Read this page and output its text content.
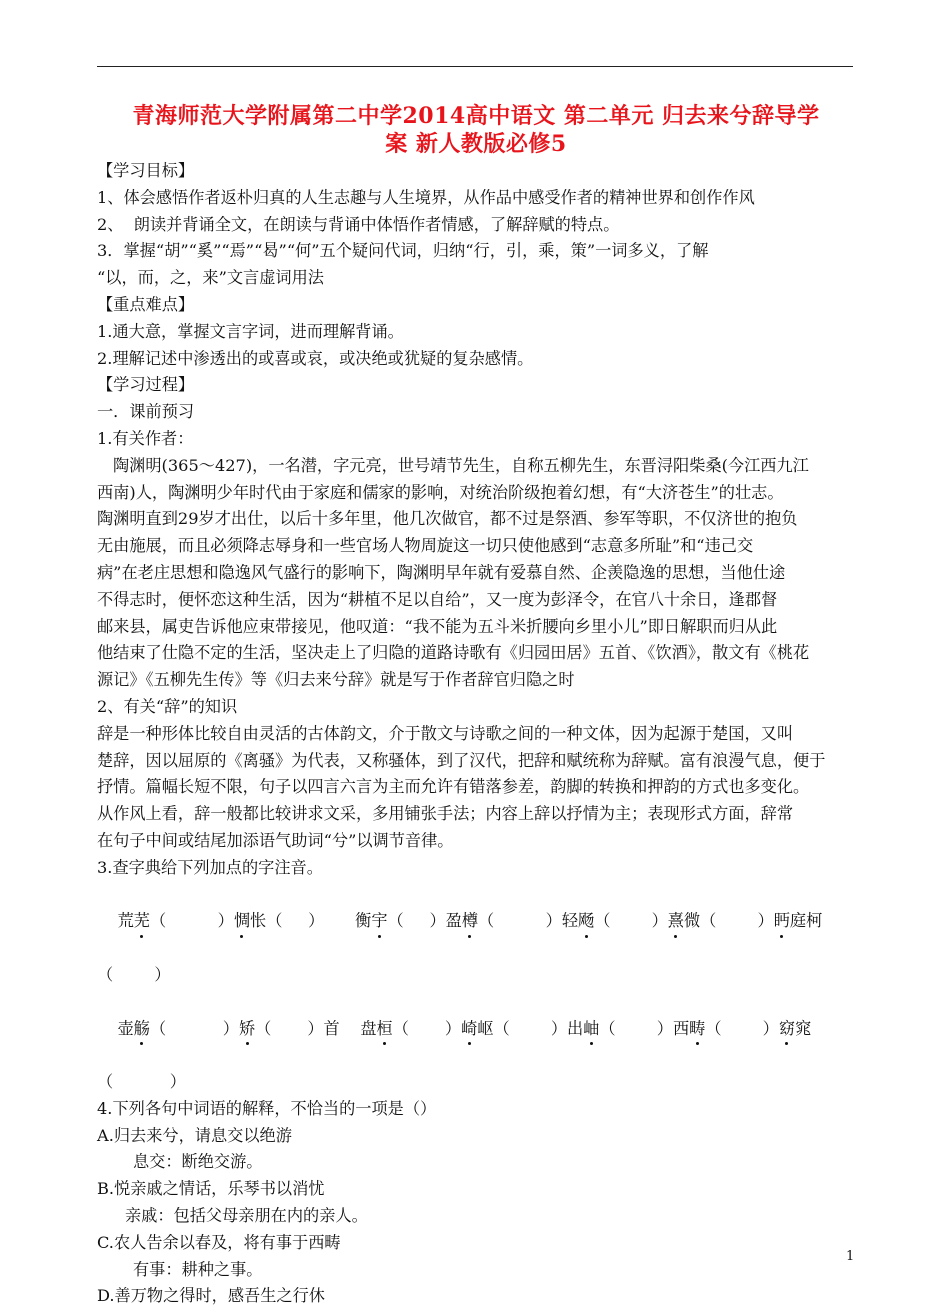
青海师范大学附属第二中学2014高中语文 第二单元 归去来兮辞导学

案 新人教版必修5

【学习目标】

1、体会感悟作者返朴归真的人生志趣与人生境界，从作品中感受作者的精神世界和创作作风

2、  朗读并背诵全文，在朗读与背诵中体悟作者情感，了解辞赋的特点。

3．掌握“胡”“奚”“焉”“曷”“何”五个疑问代词，归纳“行，引，乘，策”一词多义，了解

“以，而，之，来”文言虚词用法

【重点难点】

1.通大意，掌握文言字词，进而理解背诵。

2.理解记述中渗透出的或喜或哀，或决绝或犹疑的复杂感情。

【学习过程】

一．课前预习

1.有关作者：

陶渊明(365～427)，一名潜，字元亮，世号靖节先生，自称五柳先生，东晋浔阳柴桑(今江西九江

西南)人，陶渊明少年时代由于家庭和儒家的影响，对统治阶级抱着幻想，有“大济苍生”的壮志。

陶渊明直到29岁才出仕，以后十多年里，他几次做官，都不过是祭酒、参军等职，不仅济世的抱负

无由施展，而且必须降志辱身和一些官场人物周旋这一切只使他感到“志意多所耻”和“违己交

病”在老庄思想和隐逸风气盛行的影响下，陶渊明早年就有爱慕自然、企羡隐逸的思想，当他仕途

不得志时，便怀恋这种生活，因为“耕植不足以自给”，又一度为彭泽令，在官八十余日，逢郡督

邮来县，属吏告诉他应束带接见，他叹道：“我不能为五斗米折腰向乡里小儿”即日解职而归从此

他结束了仕隐不定的生活，坚决走上了归隐的道路诗歌有《归园田居》五首、《饮酒》，散文有《桃花

源记》《五柳先生传》等《归去来兮辞》就是写于作者辞官归隐之时

2、有关“辞”的知识

辞是一种形体比较自由灵活的古体韵文，介于散文与诗歌之间的一种文体，因为起源于楚国，又叫

楚辞，因以屈原的《离骚》为代表，又称骚体，到了汉代，把辞和赋统称为辞赋。富有浪漫气息，便于

抒情。篇幅长短不限，句子以四言六言为主而允许有错落参差，韵脚的转换和押韵的方式也多变化。

从作风上看，辞一般都比较讲求文采，多用铺张手法；内容上辞以抒情为主；表现形式方面，辞常

在句子中间或结尾加添语气助词“兮”以调节音律。

3.查字典给下列加点的字注音。

荒芜（          ）惆怅（     ） 衡宇（     ）盈樽（          ）轻飏（        ）熹微（        ）眄庭柯

（        ）

壶觞（           ）矫（       ）首 盘桓（       ）崎岖（        ）出岫（        ）西畴（        ）窈窕

（           ）

4.下列各句中词语的解释，不恰当的一项是（）

A.归去来兮，请息交以绝游

息交：断绝交游。

B.悦亲戚之情话，乐琴书以消忧

亲戚：包括父母亲朋在内的亲人。

C.农人告余以春及，将有事于西畴

有事：耕种之事。

D.善万物之得时，感吾生之行休

1
